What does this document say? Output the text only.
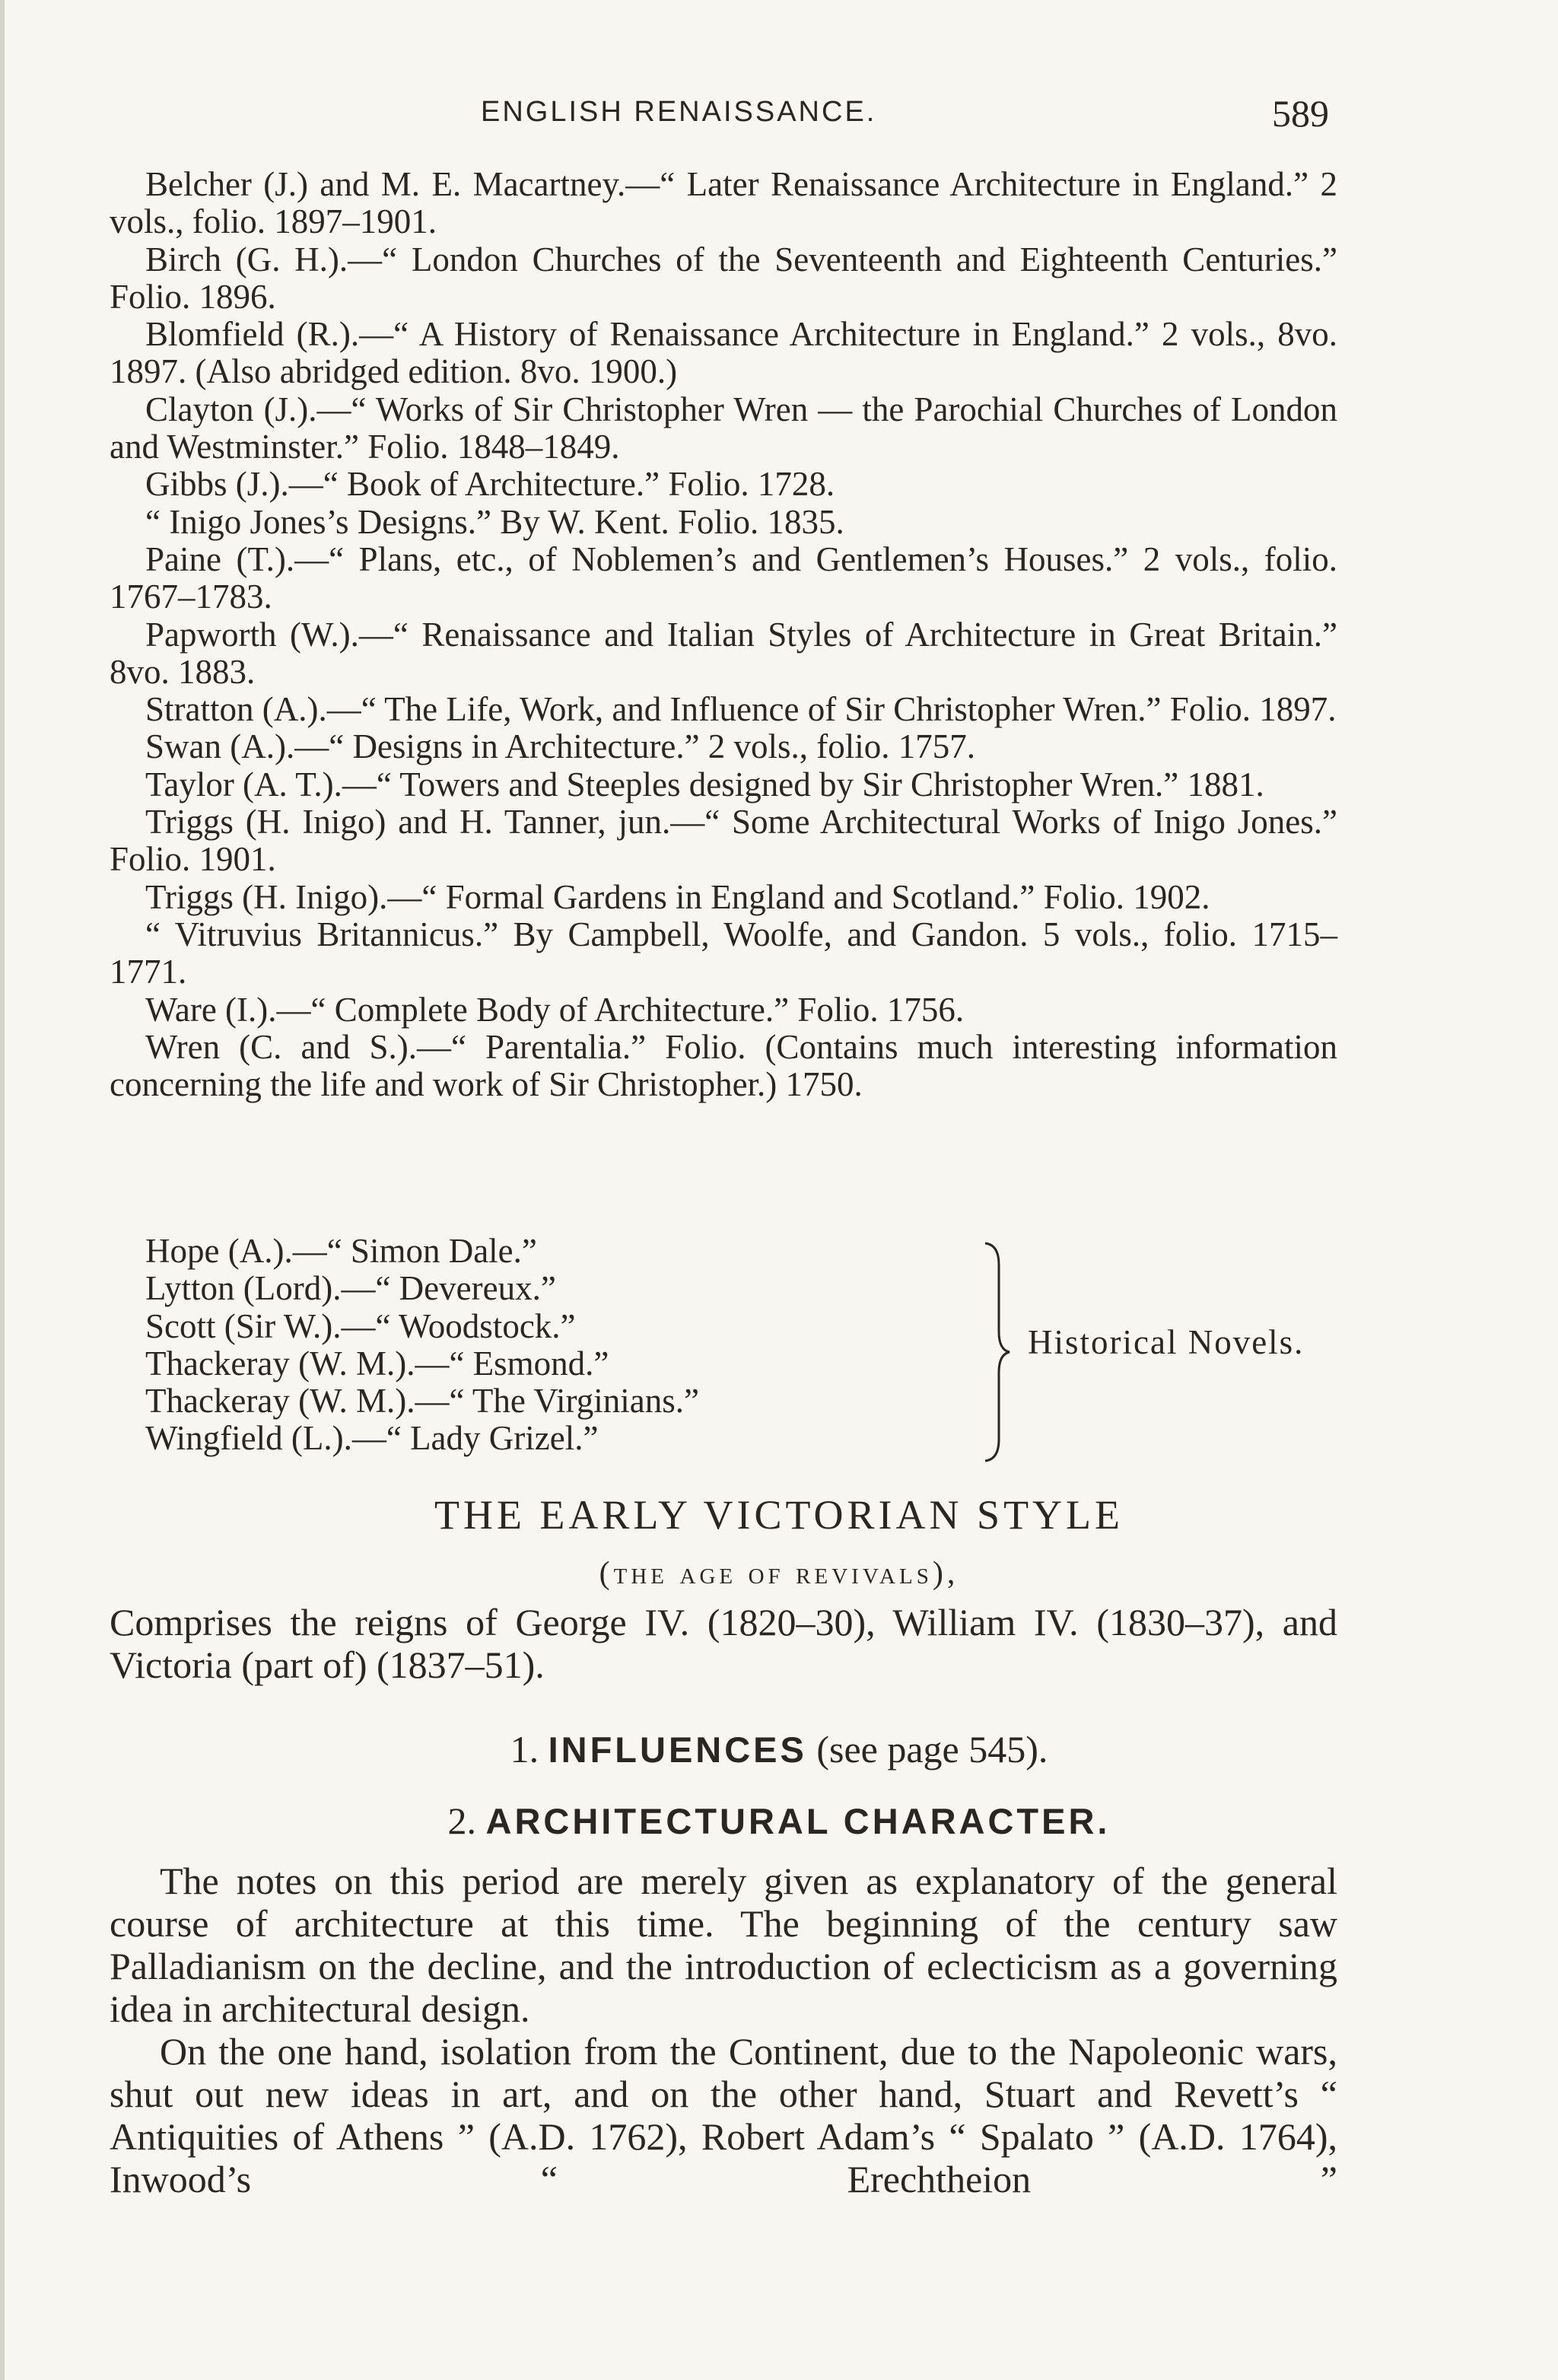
ENGLISH RENAISSANCE.	589
Belcher (J.) and M. E. Macartney.—“ Later Renaissance Architecture in England.” 2 vols., folio. 1897–1901.
Birch (G. H.).—“ London Churches of the Seventeenth and Eighteenth Centuries.” Folio. 1896.
Blomfield (R.).—“ A History of Renaissance Architecture in England.” 2 vols., 8vo. 1897. (Also abridged edition. 8vo. 1900.)
Clayton (J.).—“ Works of Sir Christopher Wren — the Parochial Churches of London and Westminster.” Folio. 1848–1849.
Gibbs (J.).—“ Book of Architecture.” Folio. 1728.
“ Inigo Jones’s Designs.” By W. Kent. Folio. 1835.
Paine (T.).—“ Plans, etc., of Noblemen’s and Gentlemen’s Houses.” 2 vols., folio. 1767–1783.
Papworth (W.).—“ Renaissance and Italian Styles of Architecture in Great Britain.” 8vo. 1883.
Stratton (A.).—“ The Life, Work, and Influence of Sir Christopher Wren.” Folio. 1897.
Swan (A.).—“ Designs in Architecture.” 2 vols., folio. 1757.
Taylor (A. T.).—“ Towers and Steeples designed by Sir Christopher Wren.” 1881.
Triggs (H. Inigo) and H. Tanner, jun.—“ Some Architectural Works of Inigo Jones.” Folio. 1901.
Triggs (H. Inigo).—“ Formal Gardens in England and Scotland.” Folio. 1902.
“ Vitruvius Britannicus.” By Campbell, Woolfe, and Gandon. 5 vols., folio. 1715–1771.
Ware (I.).—“ Complete Body of Architecture.” Folio. 1756.
Wren (C. and S.).—“ Parentalia.” Folio. (Contains much interesting information concerning the life and work of Sir Christopher.) 1750.
Hope (A.).—“ Simon Dale.”
Lytton (Lord).—“ Devereux.”
Scott (Sir W.).—“ Woodstock.”
Thackeray (W. M.).—“ Esmond.”
Thackeray (W. M.).—“ The Virginians.”
Wingfield (L.).—“ Lady Grizel.”
Historical Novels.
THE EARLY VICTORIAN STYLE
(the age of revivals),

Comprises the reigns of George IV. (1820–30), William IV. (1830–37), and Victoria (part of) (1837–51).

1. INFLUENCES (see page 545).
2. ARCHITECTURAL CHARACTER.

The notes on this period are merely given as explanatory of the general course of architecture at this time. The beginning of the century saw Palladianism on the decline, and the introduction of eclecticism as a governing idea in architectural design.

On the one hand, isolation from the Continent, due to the Napoleonic wars, shut out new ideas in art, and on the other hand, Stuart and Revett’s “ Antiquities of Athens ” (A.D. 1762), Robert Adam’s “ Spalato ” (A.D. 1764), Inwood’s “ Erechtheion ”
